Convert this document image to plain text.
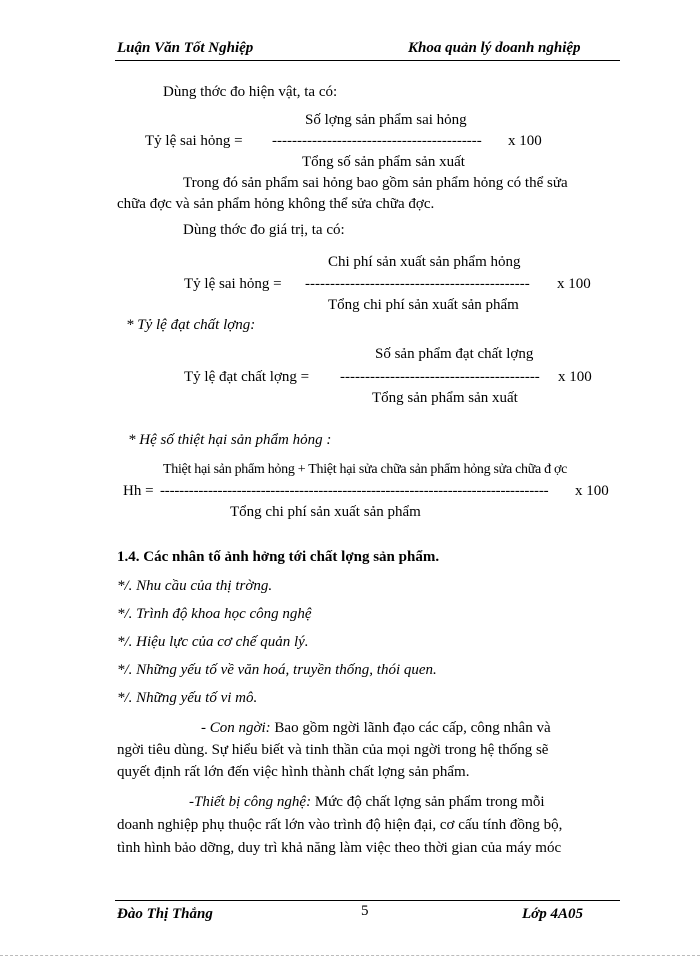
Luận Văn Tốt Nghiệp	Khoa quản lý doanh nghiệp
Dùng thớc đo hiện vật, ta có:
Số lợng sản phẩm sai hỏng
Tỷ lệ sai hỏng = ------------------------------------------ x 100
Tổng số sản phẩm sản xuất
Trong đó sản phẩm sai hỏng bao gồm sản phẩm hỏng có thể sửa
chữa đợc và sản phẩm hỏng không thể sửa chữa đợc.
Dùng thớc đo giá trị, ta có:
Chi phí sản xuất sản phẩm hỏng
Tỷ lệ sai hỏng = --------------------------------------------- x 100
Tổng chi phí sản xuất sản phẩm
* Tỷ lệ đạt chất lợng:
Số sản phẩm đạt chất lợng
Tỷ lệ đạt chất lợng = ---------------------------------------- x 100
Tổng sản phẩm sản xuất
* Hệ số thiệt hại sản phẩm hỏng :
Thiệt hại sản phẩm hỏng + Thiệt hại sửa chữa sản phẩm hỏng sửa chữa đ ợc
Hh = --------------------------------------------------------------------------------- x 100
Tổng chi phí sản xuất sản phẩm
1.4. Các nhân tố ảnh hởng tới chất lợng sản phẩm.
*/. Nhu cầu của thị trờng.
*/. Trình độ khoa học công nghệ
*/. Hiệu lực của cơ chế quản lý.
*/. Những yếu tố về văn hoá, truyền thống, thói quen.
*/. Những yếu tố vi mô.
- Con ngời: Bao gồm ngời lãnh đạo các cấp, công nhân và
ngời tiêu dùng. Sự hiểu biết và tinh thần của mọi ngời trong hệ thống sẽ
quyết định rất lớn đến việc hình thành chất lợng sản phẩm.
-Thiết bị công nghệ: Mức độ chất lợng sản phẩm trong mỗi
doanh nghiệp phụ thuộc rất lớn vào trình độ hiện đại, cơ cấu tính đồng bộ,
tình hình bảo dỡng, duy trì khả năng làm việc theo thời gian của máy móc
Đào Thị Thắng	5	Lớp 4A05
